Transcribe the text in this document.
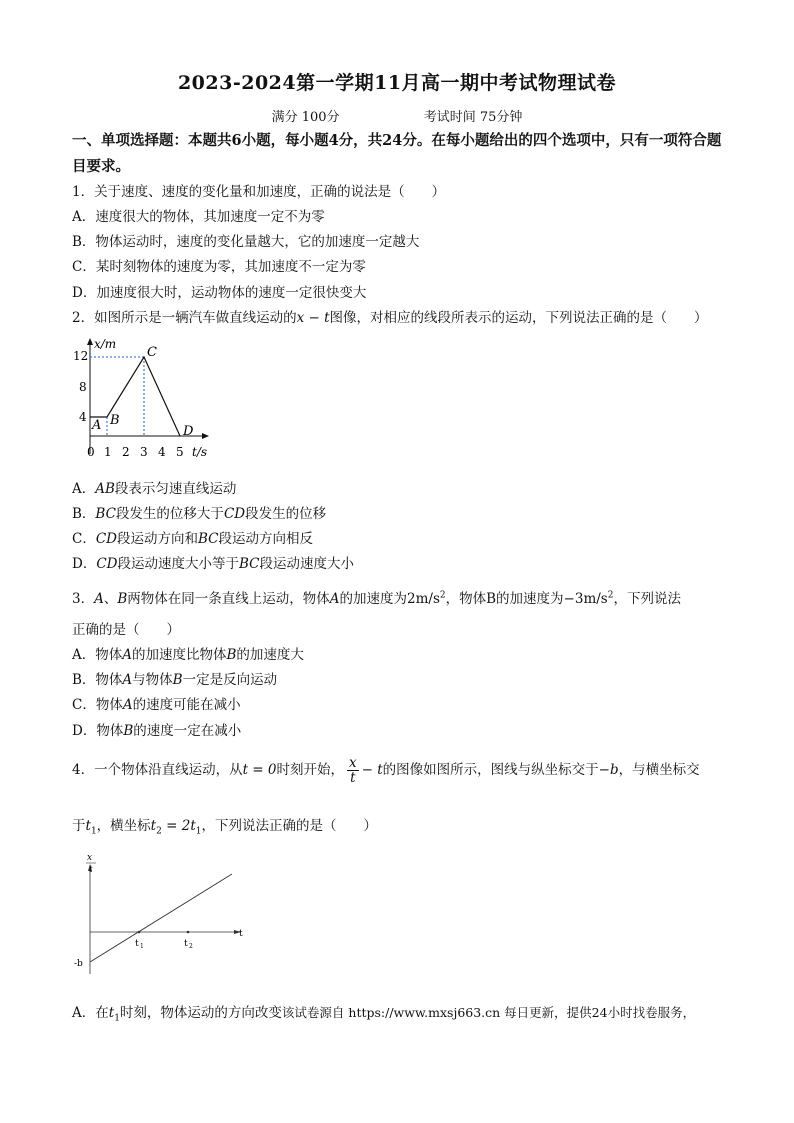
2023-2024第一学期11月高一期中考试物理试卷
满分 100分	考试时间 75分钟
一、单项选择题：本题共6小题，每小题4分，共24分。在每小题给出的四个选项中，只有一项符合题目要求。
1．关于速度、速度的变化量和加速度，正确的说法是（　　）
A．速度很大的物体，其加速度一定不为零
B．物体运动时，速度的变化量越大，它的加速度一定越大
C．某时刻物体的速度为零，其加速度不一定为零
D．加速度很大时，运动物体的速度一定很快变大
2．如图所示是一辆汽车做直线运动的x − t图像，对相应的线段所表示的运动，下列说法正确的是（　　）
x/m
t/s
4
8
12
0 1 2 3 4 5
A B
C
D
A．AB段表示匀速直线运动
B．BC段发生的位移大于CD段发生的位移
C．CD段运动方向和BC段运动方向相反
D．CD段运动速度大小等于BC段运动速度大小
3．A、B两物体在同一条直线上运动，物体A的加速度为$2m/s^2$，物体B的加速度为$-3m/s^2$，下列说法
正确的是（　　）
A．物体A的加速度比物体B的加速度大
B．物体A与物体B一定是反向运动
C．物体A的速度可能在减小
D．物体B的速度一定在减小
4．一个物体沿直线运动，从t = 0时刻开始， $\frac{x}{t} - t$的图像如图所示，图线与纵坐标交于−b，与横坐标交
于$t_1$，横坐标$t_2 = 2t_1$，下列说法正确的是（　　）
x
t
t
t 1	t 2
-b
A．在$t_1$时刻，物体运动的方向改变该试卷源自 https://www.mxsj663.cn 每日更新，提供24小时找卷服务，
